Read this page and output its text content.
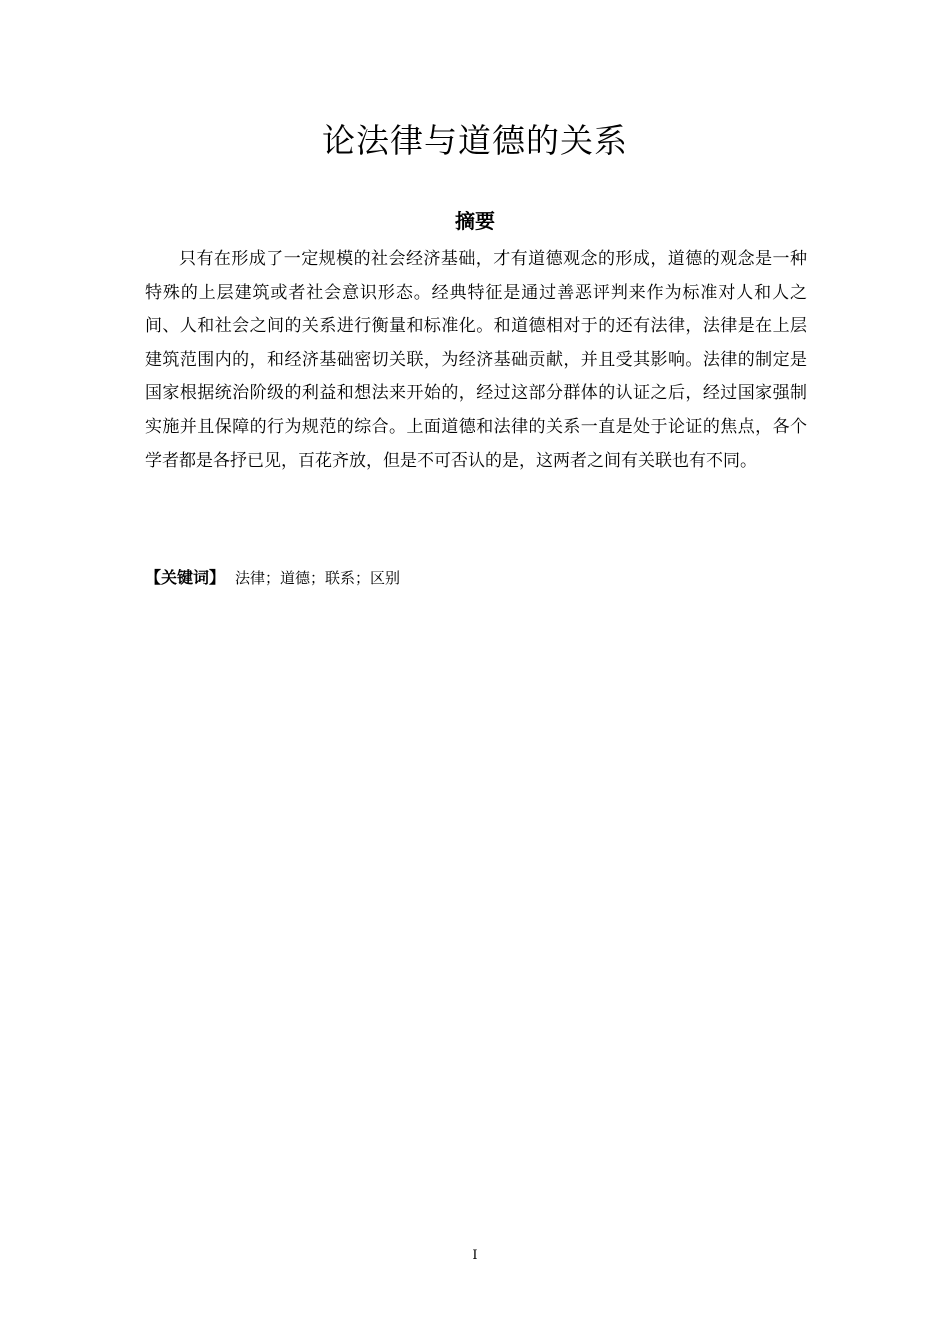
论法律与道德的关系
摘要

只有在形成了一定规模的社会经济基础，才有道德观念的形成，道德的观念是一种特殊的上层建筑或者社会意识形态。经典特征是通过善恶评判来作为标准对人和人之间、人和社会之间的关系进行衡量和标准化。和道德相对于的还有法律，法律是在上层建筑范围内的，和经济基础密切关联，为经济基础贡献，并且受其影响。法律的制定是国家根据统治阶级的利益和想法来开始的，经过这部分群体的认证之后，经过国家强制实施并且保障的行为规范的综合。上面道德和法律的关系一直是处于论证的焦点，各个学者都是各抒已见，百花齐放，但是不可否认的是，这两者之间有关联也有不同。

【关键词】 法律；道德；联系；区别

I
